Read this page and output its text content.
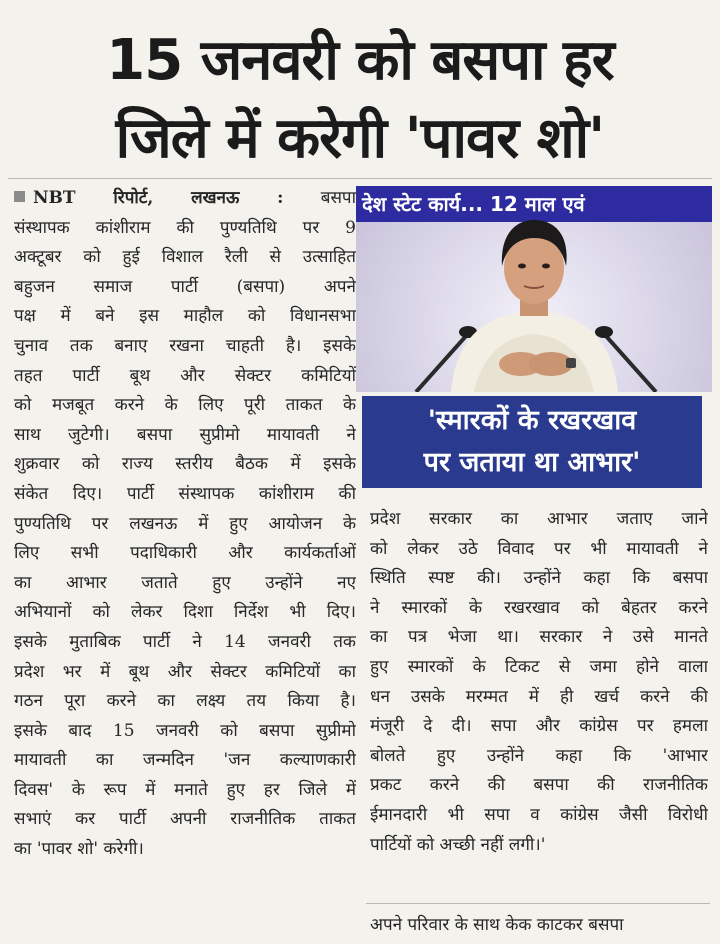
15 जनवरी को बसपा हर
जिले में करेगी 'पावर शो'
NBT रिपोर्ट, लखनऊ : बसपा
संस्थापक कांशीराम की पुण्यतिथि पर 9
अक्टूबर को हुई विशाल रैली से उत्साहित
बहुजन समाज पार्टी (बसपा) अपने
पक्ष में बने इस माहौल को विधानसभा
चुनाव तक बनाए रखना चाहती है। इसके
तहत पार्टी बूथ और सेक्टर कमिटियों
को मजबूत करने के लिए पूरी ताकत के
साथ जुटेगी। बसपा सुप्रीमो मायावती ने
शुक्रवार को राज्य स्तरीय बैठक में इसके
संकेत दिए। पार्टी संस्थापक कांशीराम की
पुण्यतिथि पर लखनऊ में हुए आयोजन के
लिए सभी पदाधिकारी और कार्यकर्ताओं
का आभार जताते हुए उन्होंने नए
अभियानों को लेकर दिशा निर्देश भी दिए।
इसके मुताबिक पार्टी ने 14 जनवरी तक
प्रदेश भर में बूथ और सेक्टर कमिटियों का
गठन पूरा करने का लक्ष्य तय किया है।
इसके बाद 15 जनवरी को बसपा सुप्रीमो
मायावती का जन्मदिन 'जन कल्याणकारी
दिवस' के रूप में मनाते हुए हर जिले में
सभाएं कर पार्टी अपनी राजनीतिक ताकत
का 'पावर शो' करेगी।
देश स्टेट कार्य... 12 माल एवं
'स्मारकों के रखरखाव
पर जताया था आभार'
प्रदेश सरकार का आभार जताए जाने
को लेकर उठे विवाद पर भी मायावती ने
स्थिति स्पष्ट की। उन्होंने कहा कि बसपा
ने स्मारकों के रखरखाव को बेहतर करने
का पत्र भेजा था। सरकार ने उसे मानते
हुए स्मारकों के टिकट से जमा होने वाला
धन उसके मरम्मत में ही खर्च करने की
मंजूरी दे दी। सपा और कांग्रेस पर हमला
बोलते हुए उन्होंने कहा कि 'आभार
प्रकट करने की बसपा की राजनीतिक
ईमानदारी भी सपा व कांग्रेस जैसी विरोधी
पार्टियों को अच्छी नहीं लगी।'
अपने परिवार के साथ केक काटकर बसपा
